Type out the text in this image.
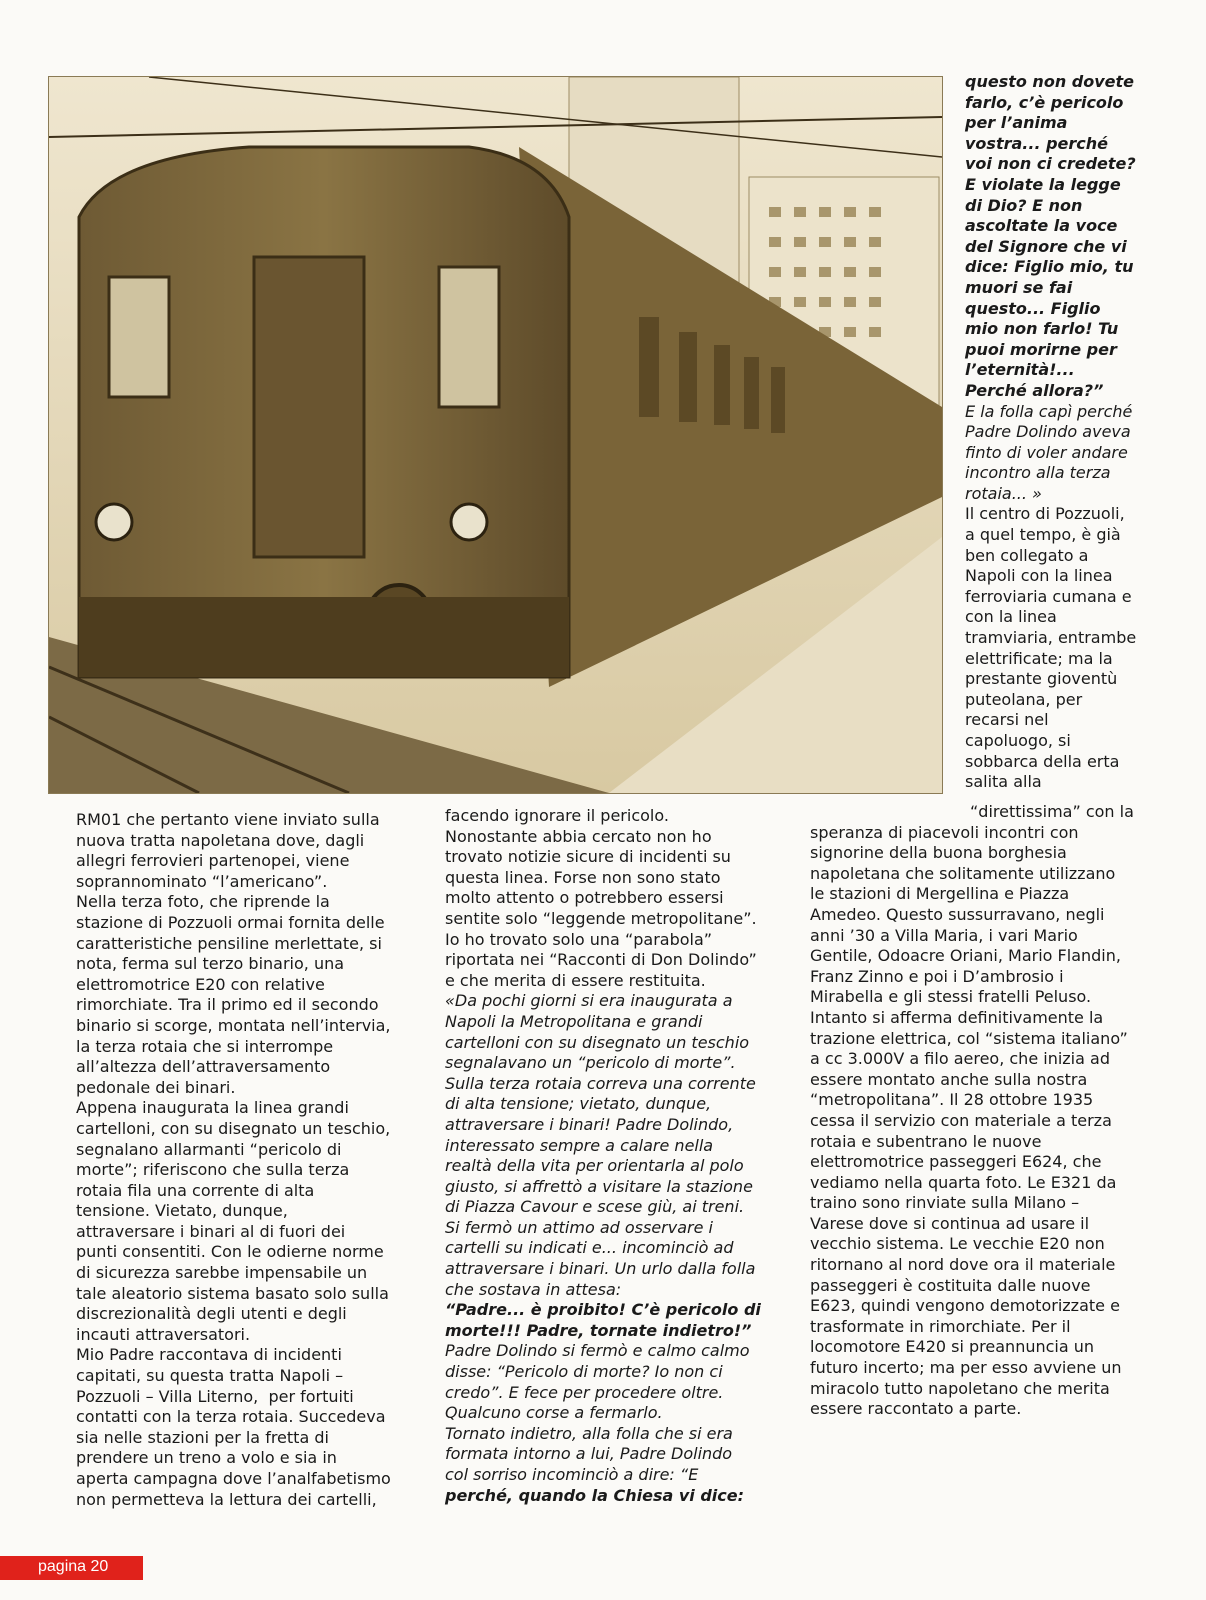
questo non dovete

farlo, c’è pericolo

per l’anima

vostra... perché

voi non ci credete?

E violate la legge

di Dio? E non

ascoltate la voce

del Signore che vi

dice: Figlio mio, tu

muori se fai

questo... Figlio

mio non farlo! Tu

puoi morirne per

l’eternità!...

Perché allora?”

E la folla capì perché

Padre Dolindo aveva

finto di voler andare

incontro alla terza

rotaia... »

Il centro di Pozzuoli,

a quel tempo, è già

ben collegato a

Napoli con la linea

ferroviaria cumana e

con la linea

tramviaria, entrambe

elettrificate; ma la

prestante gioventù

puteolana, per

recarsi nel

capoluogo, si

sobbarca della erta

salita alla

RM01 che pertanto viene inviato sulla

nuova tratta napoletana dove, dagli

allegri ferrovieri partenopei, viene

soprannominato “l’americano”.

Nella terza foto, che riprende la

stazione di Pozzuoli ormai fornita delle

caratteristiche pensiline merlettate, si

nota, ferma sul terzo binario, una

elettromotrice E20 con relative

rimorchiate. Tra il primo ed il secondo

binario si scorge, montata nell’intervia,

la terza rotaia che si interrompe

all’altezza dell’attraversamento

pedonale dei binari.

Appena inaugurata la linea grandi

cartelloni, con su disegnato un teschio,

segnalano allarmanti “pericolo di

morte”; riferiscono che sulla terza

rotaia fila una corrente di alta

tensione. Vietato, dunque,

attraversare i binari al di fuori dei

punti consentiti. Con le odierne norme

di sicurezza sarebbe impensabile un

tale aleatorio sistema basato solo sulla

discrezionalità degli utenti e degli

incauti attraversatori.

Mio Padre raccontava di incidenti

capitati, su questa tratta Napoli –

Pozzuoli – Villa Literno,  per fortuiti

contatti con la terza rotaia. Succedeva

sia nelle stazioni per la fretta di

prendere un treno a volo e sia in

aperta campagna dove l’analfabetismo

non permetteva la lettura dei cartelli,

facendo ignorare il pericolo.

Nonostante abbia cercato non ho

trovato notizie sicure di incidenti su

questa linea. Forse non sono stato

molto attento o potrebbero essersi

sentite solo “leggende metropolitane”.

Io ho trovato solo una “parabola”

riportata nei “Racconti di Don Dolindo”

e che merita di essere restituita.

«Da pochi giorni si era inaugurata a

Napoli la Metropolitana e grandi

cartelloni con su disegnato un teschio

segnalavano un “pericolo di morte”.

Sulla terza rotaia correva una corrente

di alta tensione; vietato, dunque,

attraversare i binari! Padre Dolindo,

interessato sempre a calare nella

realtà della vita per orientarla al polo

giusto, si affrettò a visitare la stazione

di Piazza Cavour e scese giù, ai treni.

Si fermò un attimo ad osservare i

cartelli su indicati e... incominciò ad

attraversare i binari. Un urlo dalla folla

che sostava in attesa:

“Padre... è proibito! C’è pericolo di

morte!!! Padre, tornate indietro!”

Padre Dolindo si fermò e calmo calmo

disse: “Pericolo di morte? Io non ci

credo”. E fece per procedere oltre.

Qualcuno corse a fermarlo.

Tornato indietro, alla folla che si era

formata intorno a lui, Padre Dolindo

col sorriso incominciò a dire: “E

perché, quando la Chiesa vi dice:

“direttissima” con la

speranza di piacevoli incontri con

signorine della buona borghesia

napoletana che solitamente utilizzano

le stazioni di Mergellina e Piazza

Amedeo. Questo sussurravano, negli

anni ’30 a Villa Maria, i vari Mario

Gentile, Odoacre Oriani, Mario Flandin,

Franz Zinno e poi i D’ambrosio i

Mirabella e gli stessi fratelli Peluso.

Intanto si afferma definitivamente la

trazione elettrica, col “sistema italiano”

a cc 3.000V a filo aereo, che inizia ad

essere montato anche sulla nostra

“metropolitana”. Il 28 ottobre 1935

cessa il servizio con materiale a terza

rotaia e subentrano le nuove

elettromotrice passeggeri E624, che

vediamo nella quarta foto. Le E321 da

traino sono rinviate sulla Milano –

Varese dove si continua ad usare il

vecchio sistema. Le vecchie E20 non

ritornano al nord dove ora il materiale

passeggeri è costituita dalle nuove

E623, quindi vengono demotorizzate e

trasformate in rimorchiate. Per il

locomotore E420 si preannuncia un

futuro incerto; ma per esso avviene un

miracolo tutto napoletano che merita

essere raccontato a parte.

pagina 20
